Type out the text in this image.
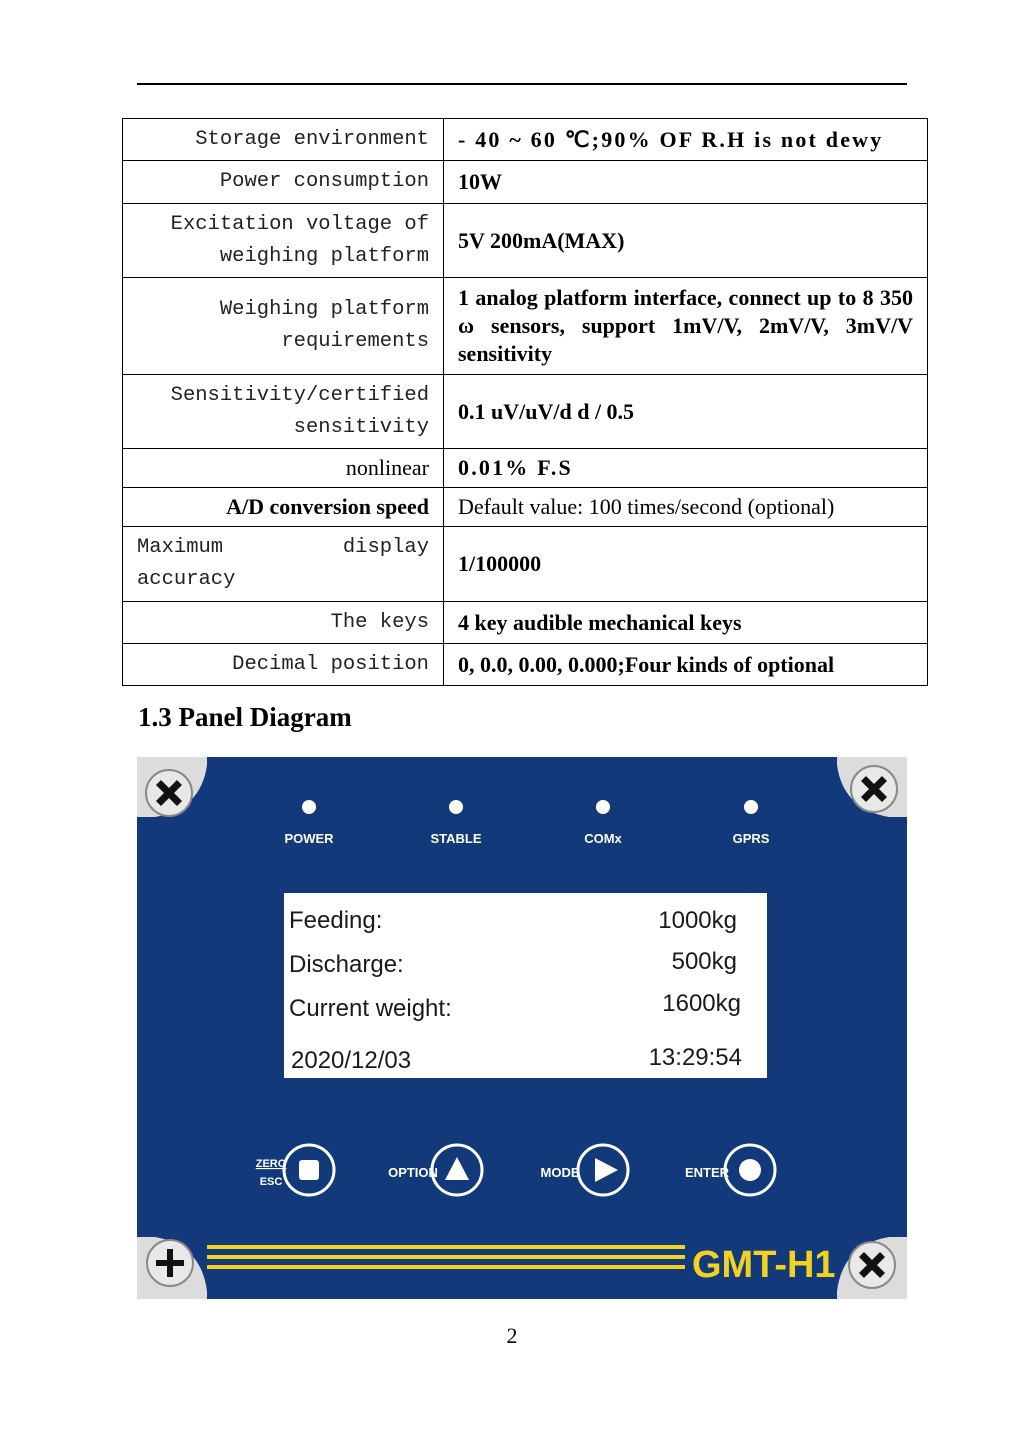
Storage environment	- 40 ~ 60 ℃;90% OF R.H is not dewy
Power consumption	10W
Excitation voltage of weighing platform	5V 200mA(MAX)
Weighing platform requirements	1 analog platform interface, connect up to 8 350 ω sensors, support 1mV/V, 2mV/V, 3mV/V sensitivity
Sensitivity/certified sensitivity	0.1 uV/uV/d d / 0.5
nonlinear	0.01% F.S
A/D conversion speed	Default value: 100 times/second (optional)
Maximum display accuracy	1/100000
The keys	4 key audible mechanical keys
Decimal position	0, 0.0, 0.00, 0.000;Four kinds of optional
1.3 Panel Diagram
POWER	STABLE	COMx	GPRS
Feeding:	1000kg
Discharge:	500kg
Current weight:	1600kg
2020/12/03	13:29:54
ZERO
ESC
OPTION	MODE	ENTER
GMT-H1
2
